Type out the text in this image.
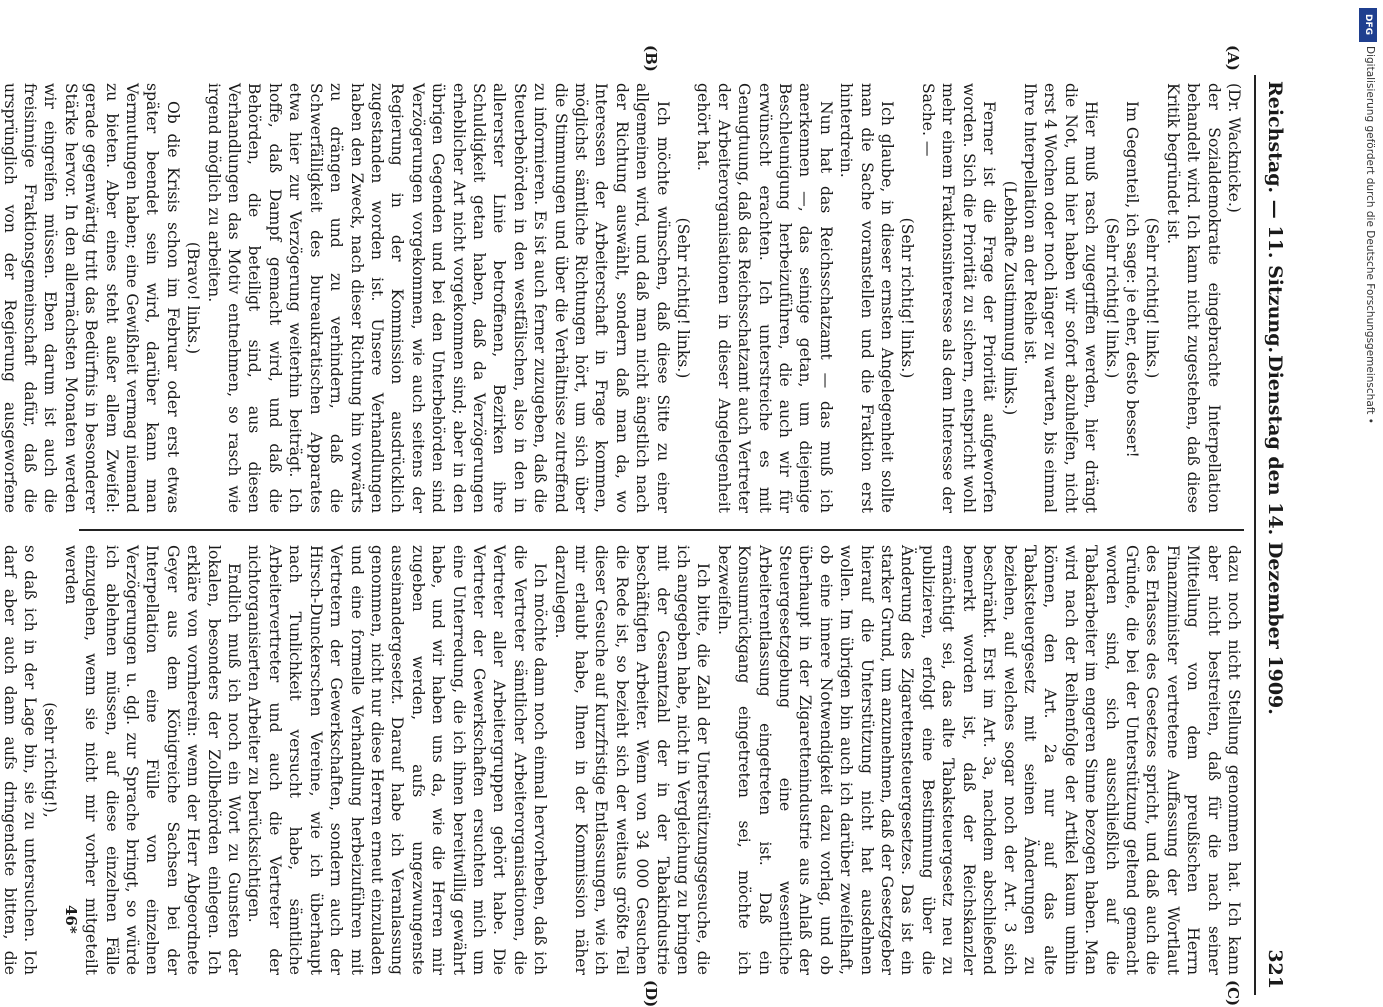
Reichstag. — 11. Sitzung.
Dienstag den 14. Dezember 1909.
321
(A)
(B)
(C)
(D)

(Dr. Wacknicke.)

der Sozialdemokratie eingebrachte Interpellation behandelt wird. Ich kann nicht zugestehen, daß diese Kritik begründet ist.

(Sehr richtig! links.)

Im Gegenteil, ich sage: je eher, desto besser!

(Sehr richtig! links.)

Hier muß rasch zugegriffen werden, hier drängt die Not, und hier haben wir sofort abzuhelfen, nicht erst 4 Wochen oder noch länger zu warten, bis einmal Ihre Interpellation an der Reihe ist.

(Lebhafte Zustimmung links.)

Ferner ist die Frage der Priorität aufgeworfen worden. Sich die Priorität zu sichern, entspricht wohl mehr einem Fraktionsinteresse als dem Interesse der Sache. —

(Sehr richtig! links.)

Ich glaube, in dieser ernsten Angelegenheit sollte man die Sache voranstellen und die Fraktion erst hinterdrein.

Nun hat das Reichsschatzamt — das muß ich anerkennen —, das seinige getan, um diejenige Beschleunigung herbeizuführen, die auch wir für erwünscht erachten. Ich unterstreiche es mit Genugtuung, daß das Reichsschatzamt auch Vertreter der Arbeiterorganisationen in dieser Angelegenheit gehört hat.

(Sehr richtig! links.)

Ich möchte wünschen, daß diese Sitte zu einer allgemeinen wird, und daß man nicht ängstlich nach der Richtung auswählt, sondern daß man da, wo Interessen der Arbeiterschaft in Frage kommen, möglichst sämtliche Richtungen hört, um sich über die Stimmungen und über die Verhältnisse zutreffend zu informieren. Es ist auch ferner zuzugeben, daß die Steuerbehörden in den westfälischen, also in den in allererster Linie betroffenen, Bezirken ihre Schuldigkeit getan haben, daß da Verzögerungen erheblicher Art nicht vorgekommen sind; aber in den übrigen Gegenden und bei den Unterbehörden sind Verzögerungen vorgekommen, wie auch seitens der Regierung in der Kommission ausdrücklich zugestanden worden ist. Unsere Verhandlungen haben den Zweck, nach dieser Richtung hin vorwärts zu drängen und zu verhindern, daß die Schwerfälligkeit des bureaukratischen Apparates etwa hier zur Verzögerung weiterhin beiträgt. Ich hoffe, daß Dampf gemacht wird, und daß die Behörden, die beteiligt sind, aus diesen Verhandlungen das Motiv entnehmen, so rasch wie irgend möglich zu arbeiten.

(Bravo! links.)

Ob die Krisis schon im Februar oder erst etwas später beendet sein wird, darüber kann man Vermutungen haben; eine Gewißheit vermag niemand zu bieten. Aber eines steht außer allem Zweifel: gerade gegenwärtig tritt das Bedürfnis in besonderer Stärke hervor. In den allernächsten Monaten werden wir eingreifen müssen. Eben darum ist auch die freisinnige Fraktionsgemeinschaft dafür, daß die ursprünglich von der Regierung ausgeworfene

dazu noch nicht Stellung genommen hat. Ich kann aber nicht bestreiten, daß für die nach seiner Mitteilung von dem preußischen Herrn Finanzminister vertretene Auffassung der Wortlaut des Erlasses des Gesetzes spricht, und daß auch die Gründe, die bei der Unterstützung geltend gemacht worden sind, sich ausschließlich auf die Tabakarbeiter im engeren Sinne bezogen haben. Man wird nach der Reihenfolge der Artikel kaum umhin können, den Art. 2a nur auf das alte Tabaksteuergesetz mit seinen Änderungen zu beziehen, auf welches sogar noch der Art. 3 sich beschränkt. Erst im Art. 3a, nachdem abschließend bemerkt worden ist, daß der Reichskanzler ermächtigt sei, das alte Tabaksteuergesetz neu zu publizieren, erfolgt eine Bestimmung über die Änderung des Zigarettensteuergesetzes. Das ist ein starker Grund, um anzunehmen, daß der Gesetzgeber hierauf die Unterstützung nicht hat ausdehnen wollen. Im übrigen bin auch ich darüber zweifelhaft, ob eine innere Notwendigkeit dazu vorlag, und ob überhaupt in der Zigarettenindustrie aus Anlaß der Steuergesetzgebung eine wesentliche Arbeiterentlassung eingetreten ist. Daß ein Konsumrückgang eingetreten sei, möchte ich bezweifeln.

Ich bitte, die Zahl der Unterstützungsgesuche, die ich angegeben habe, nicht in Vergleichung zu bringen mit der Gesamtzahl der in der Tabakindustrie beschäftigten Arbeiter. Wenn von 34 000 Gesuchen die Rede ist, so bezieht sich der weitaus größte Teil dieser Gesuche auf kurzfristige Entlassungen, wie ich mir erlaubt habe, Ihnen in der Kommission näher darzulegen.

Ich möchte dann noch einmal hervorheben, daß ich die Vertreter sämtlicher Arbeiterorganisationen, die Vertreter aller Arbeitergruppen gehört habe. Die Vertreter der Gewerkschaften ersuchten mich um eine Unterredung, die ich ihnen bereitwillig gewährt habe, und wir haben uns da, wie die Herren mir zugeben werden, aufs ungezwungenste auseinandergesetzt. Darauf habe ich Veranlassung genommen, nicht nur diese Herren erneut einzuladen und eine formelle Verhandlung herbeizuführen mit Vertretern der Gewerkschaften, sondern auch der Hirsch-Dunckerschen Vereine, wie ich überhaupt nach Tunlichkeit versucht habe, sämtliche Arbeitervertreter und auch die Vertreter der nichtorganisierten Arbeiter zu berücksichtigen.

Endlich muß ich noch ein Wort zu Gunsten der lokalen, besonders der Zollbehörden einlegen. Ich erkläre von vornherein: wenn der Herr Abgeordnete Geyer aus dem Königreiche Sachsen bei der Interpellation eine Fülle von einzelnen Verzögerungen u. dgl. zur Sprache bringt, so würde ich ablehnen müssen, auf diese einzelnen Fälle einzugehen, wenn sie nicht mir vorher mitgeteilt werden

(sehr richtig!),

so daß ich in der Lage bin, sie zu untersuchen. Ich darf aber auch dann aufs dringendste bitten, die

46*
DFG
Digitalisierung gefördert durch die Deutsche Forschungsgemeinschaft •
